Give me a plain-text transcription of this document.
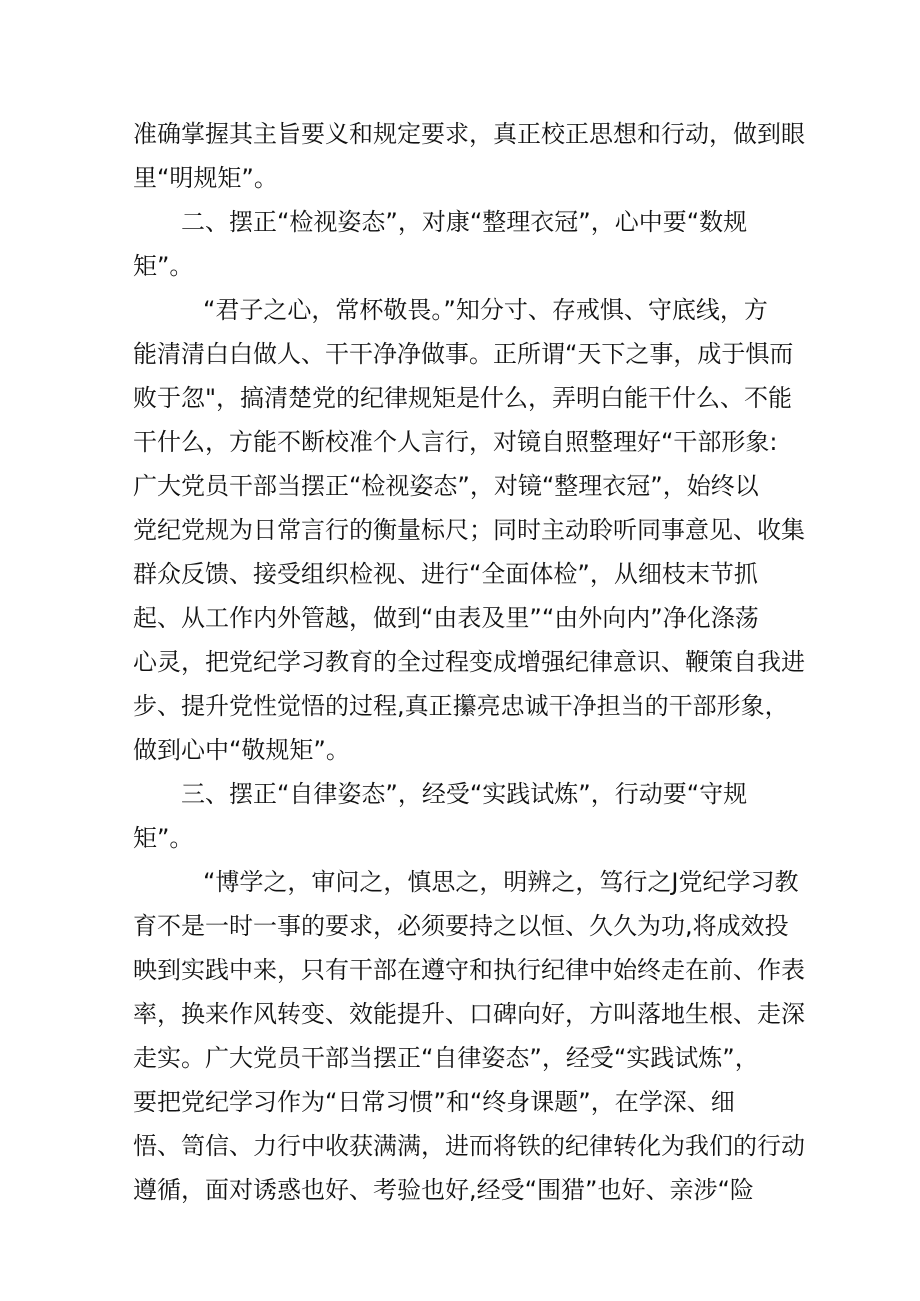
准确掌握其主旨要义和规定要求，真正校正思想和行动，做到眼
里“明规矩”。
二、摆正“检视姿态”，对康“整理衣冠”，心中要“数规
矩”。
“君子之心，常杯敬畏。”知分寸、存戒惧、守底线，方
能清清白白做人、干干净净做事。正所谓“天下之事，成于惧而
败于忽"，搞清楚党的纪律规矩是什么，弄明白能干什么、不能
干什么，方能不断校准个人言行，对镜自照整理好“干部形象:
广大党员干部当摆正“检视姿态”，对镜“整理衣冠”，始终以
党纪党规为日常言行的衡量标尺；同时主动聆听同事意见、收集
群众反馈、接受组织检视、进行“全面体检”，从细枝末节抓
起、从工作内外管越，做到“由表及里”“由外向内”净化涤荡
心灵，把党纪学习教育的全过程变成增强纪律意识、鞭策自我进
步、提升党性觉悟的过程,真正攥亮忠诚干净担当的干部形象，
做到心中“敬规矩”。
三、摆正“自律姿态”，经受“实践试炼”，行动要“守规
矩”。
“博学之，审问之，慎思之，明辨之，笃行之J党纪学习教
育不是一时一事的要求，必须要持之以恒、久久为功,将成效投
映到实践中来，只有干部在遵守和执行纪律中始终走在前、作表
率，换来作风转变、效能提升、口碑向好，方叫落地生根、走深
走实。广大党员干部当摆正“自律姿态”，经受“实践试炼”，
要把党纪学习作为“日常习惯”和“终身课题”，在学深、细
悟、笥信、力行中收获满满，进而将铁的纪律转化为我们的行动
遵循，面对诱惑也好、考验也好,经受“围猎”也好、亲涉“险
